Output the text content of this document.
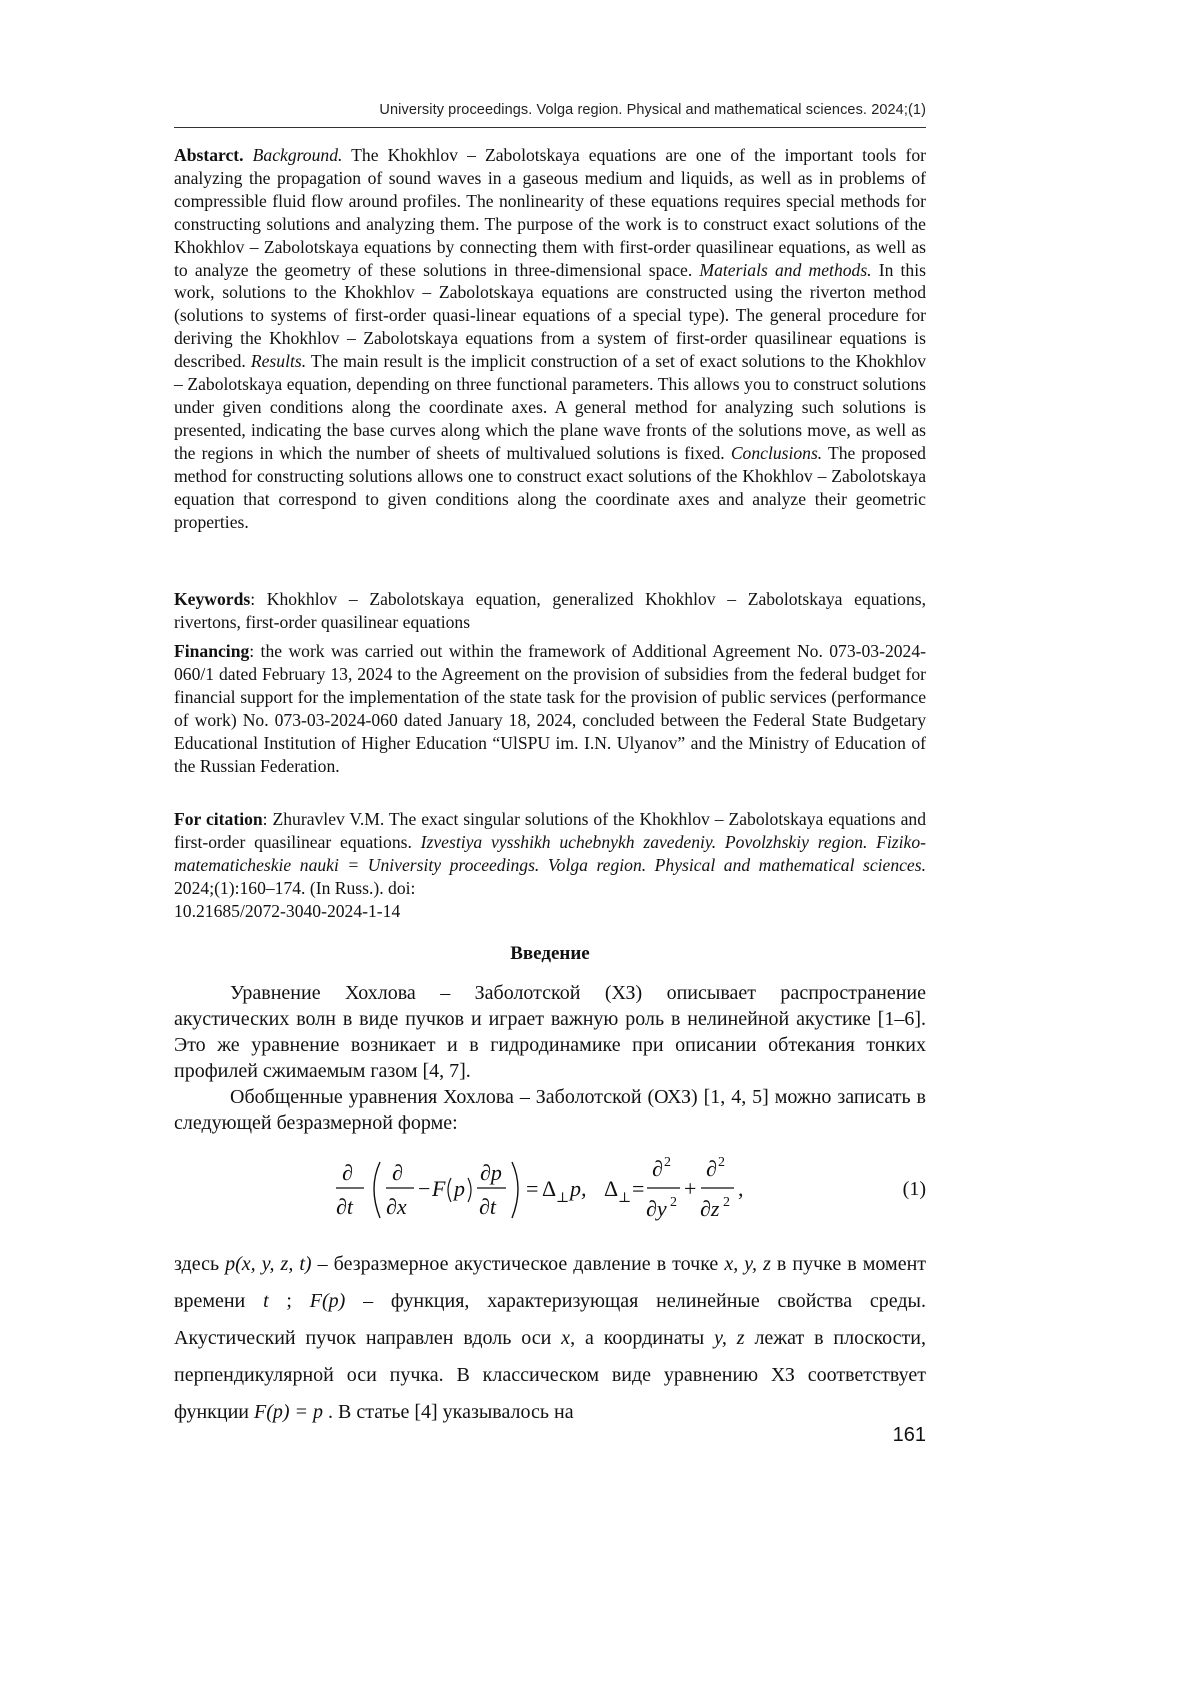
University proceedings. Volga region. Physical and mathematical sciences. 2024;(1)

Abstarct. Background. The Khokhlov – Zabolotskaya equations are one of the important tools for analyzing the propagation of sound waves in a gaseous medium and liquids, as well as in problems of compressible fluid flow around profiles. The nonlinearity of these equations requires special methods for constructing solutions and analyzing them. The purpose of the work is to construct exact solutions of the Khokhlov – Zabolotskaya equations by connecting them with first-order quasilinear equations, as well as to analyze the geometry of these solutions in three-dimensional space. Materials and methods. In this work, solutions to the Khokhlov – Zabolotskaya equations are constructed using the riverton method (solutions to systems of first-order quasi-linear equations of a special type). The general procedure for deriving the Khokhlov – Zabolotskaya equations from a system of first-order quasilinear equations is described. Results. The main result is the implicit construction of a set of exact solutions to the Khokhlov – Zabolotskaya equation, depending on three functional parameters. This allows you to construct solutions under given conditions along the coordinate axes. A general method for analyzing such solutions is presented, indicating the base curves along which the plane wave fronts of the solutions move, as well as the regions in which the number of sheets of multivalued solutions is fixed. Conclusions. The proposed method for constructing solutions allows one to construct exact solutions of the Khokhlov – Zabolotskaya equation that correspond to given conditions along the coordinate axes and analyze their geometric properties.

Keywords: Khokhlov – Zabolotskaya equation, generalized Khokhlov – Zabolotskaya equations, rivertons, first-order quasilinear equations

Financing: the work was carried out within the framework of Additional Agreement No. 073-03-2024-060/1 dated February 13, 2024 to the Agreement on the provision of subsidies from the federal budget for financial support for the implementation of the state task for the provision of public services (performance of work) No. 073-03-2024-060 dated January 18, 2024, concluded between the Federal State Budgetary Educational Institution of Higher Education “UlSPU im. I.N. Ulyanov” and the Ministry of Education of the Russian Federation.

For citation: Zhuravlev V.M. The exact singular solutions of the Khokhlov – Zabolotskaya equations and first-order quasilinear equations. Izvestiya vysshikh uchebnykh zavedeniy. Povolzhskiy region. Fiziko-matematicheskie nauki = University proceedings. Volga region. Physical and mathematical sciences. 2024;(1):160–174. (In Russ.). doi:
10.21685/2072-3040-2024-1-14

Введение

Уравнение Хохлова – Заболотской (ХЗ) описывает распространение акустических волн в виде пучков и играет важную роль в нелинейной акустике [1–6]. Это же уравнение возникает и в гидродинамике при описании обтекания тонких профилей сжимаемым газом [4, 7].

Обобщенные уравнения Хохлова – Заболотской (ОХЗ) [1, 4, 5] можно записать в следующей безразмерной форме:

∂
∂t
∂
∂x
− F p
∂p
∂t
= Δ ⊥ p, Δ ⊥ =
∂ 2
∂y 2
+
∂ 2
∂z 2
,	(1)

здесь p(x, y, z, t) – безразмерное акустическое давление в точке x, y, z в пучке в момент времени t ; F(p) – функция, характеризующая нелинейные свойства среды. Акустический пучок направлен вдоль оси x, а координаты y, z лежат в плоскости, перпендикулярной оси пучка. В классическом виде уравнению ХЗ соответствует функции F(p) = p . В статье [4] указывалось на

161
